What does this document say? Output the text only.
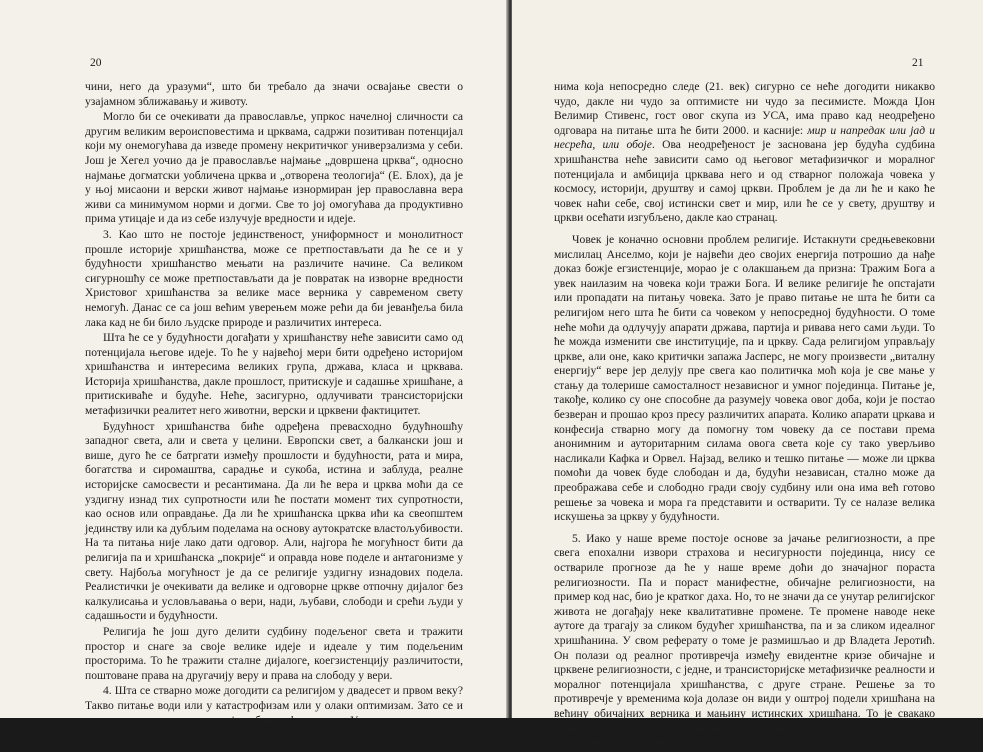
20

чини, него да уразуми“, што би требало да значи освајање свести о узајамном зближавању и животу.

Могло би се очекивати да православље, упркос начелној сличности са другим великим вероисповестима и црквама, садржи позитиван потенцијал који му онемогућава да изведе промену некритичког универзализма у себи. Још је Хегел уочио да је православље најмање „довршена црква“, односно најмање догматски уобличена црква и „отворена теологија“ (Е. Блох), да је у њој мисаони и верски живот најмање изнормиран јер православна вера живи са минимумом норми и догми. Све то јој омогућава да продуктивно прима утицаје и да из себе излучује вредности и идеје.

3. Као што не постоје јединственост, униформност и монолитност прошле историје хришћанства, може се претпостављати да ће се и у будућности хришћанство мењати на различите начине. Са великом сигурношћу се може претпостављати да је повратак на изворне вредности Христовог хришћанства за велике масе верника у савременом свету немогућ. Данас се са још већим уверењем може рећи да би јеванђеља била лака кад не би било људске природе и различитих интереса.

Шта ће се у будућности догађати у хришћанству неће зависити само од потенцијала његове идеје. То ће у највећој мери бити одређено историјом хришћанства и интересима великих група, држава, класа и црквава. Историја хришћанства, дакле прошлост, притискује и садашње хришћане, а притискиваће и будуће. Неће, засигурно, одлучивати трансисторијски метафизички реалитет него животни, верски и црквени фактицитет.

Будућност хришћанства биће одређена превасходно будућношћу западног света, али и света у целини. Европски свет, а балкански још и више, дуго ће се батргати између прошлости и будућности, рата и мира, богатства и сиромаштва, сарадње и сукоба, истина и заблуда, реалне историјске самосвести и ресантимана. Да ли ће вера и црква моћи да се уздигну изнад тих супротности или ће постати момент тих супротности, као основ или оправдање. Да ли ће хришћанска црква ићи ка свеопштем јединству или ка дубљим поделама на основу аутократске властољубивости. На та питања није лако дати одговор. Али, најгора ће могућност бити да религија па и хришћанска „покрије“ и оправда нове поделе и антагонизме у свету. Најбоља могућност је да се религије уздигну изнадових подела. Реалистички је очекивати да велике и одговорне цркве отпочну дијалог без калкулисања и условљавања о вери, нади, љубави, слободи и срећи људи у садашњости и будућности.

Религија ће још дуго делити судбину подељеног света и тражити простор и снаге за своје велике идеје и идеале у тим подељеним просторима. То ће тражити сталне дијалоге, коегзистенцију различитости, поштоване права на другачију веру и права на слободу у вери.

4. Шта се стварно може догодити са религијом у двадесет и првом веку? Такво питање води или у катастрофизам или у олаки оптимизам. Зато се и само питање и одговори морају дубље рефлектовати. У време-

21

нима која непосредно следе (21. век) сигурно се неће догодити никакво чудо, дакле ни чудо за оптимисте ни чудо за песимисте. Можда Џон Велимир Стивенс, гост овог скупа из УСА, има право кад неодређено одговара на питање шта ће бити 2000. и касније: мир и напредак или јад и несрећа, или обоје. Ова неодређеност је заснована јер будућа судбина хришћанства неће зависити само од његовог метафизичког и моралног потенцијала и амбиција црквава него и од стварног положаја човека у космосу, историји, друштву и самој цркви. Проблем је да ли ће и како ће човек наћи себе, свој истински свет и мир, или ће се у свету, друштву и цркви осећати изгубљено, дакле као странац.

Човек је коначно основни проблем религије. Истакнути средњевековни мислилац Анселмо, који је највећи део својих енергија потрошио да нађе доказ божје егзистенције, морао је с олакшањем да призна: Тражим Бога а увек наилазим на човека који тражи Бога. И велике религије ће опстајати или пропадати на питању човека. Зато је право питање не шта ће бити са религијом него шта ће бити са човеком у непосредној будућности. О томе неће моћи да одлучују апарати држава, партија и ривава него сами људи. То ће можда изменити све институције, па и цркву. Сада религијом управљају цркве, али оне, како критички запажа Јаспeрс, не могу произвести „виталну енергију“ вере јер делују пре свега као политичка моћ која је све мање у стању да толерише самосталност независног и умног појединца. Питање је, такође, колико су оне способне да разумеју човека овог доба, који је постао безверан и прошао кроз пресу различитих апарата. Колико апарати цркава и конфесија стварно могу да помогну том човеку да се постави према анонимним и ауторитарним силама овога света које су тако уверљиво насликали Кафка и Орвел. Најзад, велико и тешко питање — може ли црква помоћи да човек буде слободан и да, будући независан, стално може да преображава себе и слободно гради своју судбину или она има већ готово решење за човека и мора га представити и остварити. Ту се налазе велика искушења за цркву у будућности.

5. Иако у наше време постоје основе за јачање религиозности, а пре свега епохални извори страхова и несигурности појединца, нису се оствариле прогнозе да ће у наше време доћи до значајног пораста религиозности. Па и пораст манифестне, обичајне религиозности, на пример код нас, био је кратког даха. Но, то не значи да се унутар религијског живота не догађају неке квалитативне промене. Те промене наводе неке аутore да трагају за сликом будућег хришћанства, па и за сликом идеалног хришћанина. У свом реферату о томе је размишљао и др Владета Јеротић. Он полази од реалног противречја између евидентне кризе обичајне и црквене религиозности, с једне, и трансисторијске метафизичке реалности и моралног потенцијала хришћанства, с друге стране. Решење за то противречје у временима која долазе он види у оштрој подели хришћана на већину обичајних верника и мањину истинских хришћана. То је свакако занимљива идеја иако наводи на многа питања: шта су ти ретки истински хришћани, ком типу верника из прошлости највише сличе,
